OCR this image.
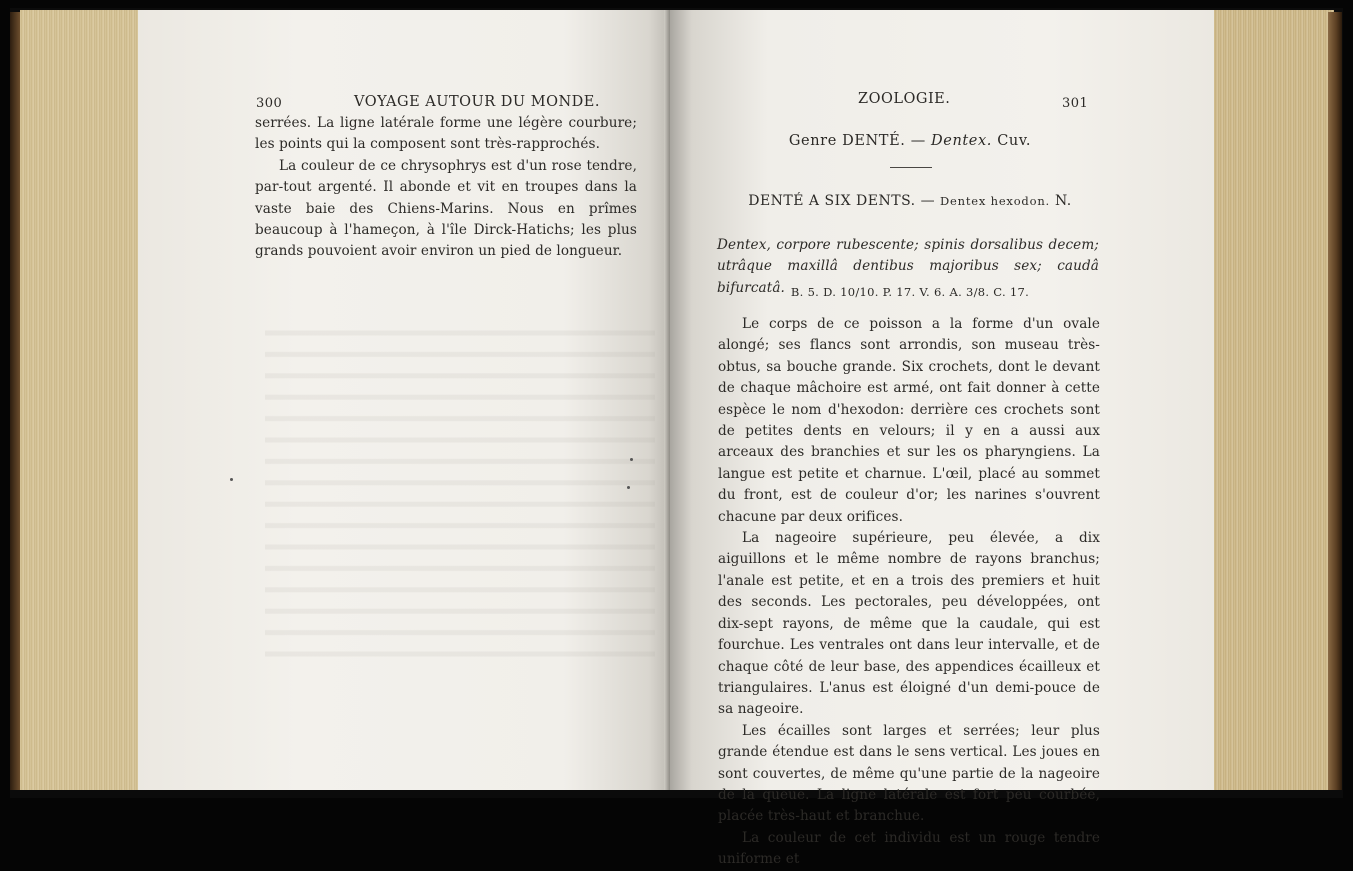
300	VOYAGE AUTOUR DU MONDE.

serrées. La ligne latérale forme une légère courbure; les points qui la composent sont très-rapprochés.

La couleur de ce chrysophrys est d'un rose tendre, par-tout argenté. Il abonde et vit en troupes dans la vaste baie des Chiens-Marins. Nous en prîmes beaucoup à l'hameçon, à l'île Dirck-Hatichs; les plus grands pouvoient avoir environ un pied de longueur.

ZOOLOGIE.	301
Genre DENTÉ. — Dentex. Cuv.
DENTÉ A SIX DENTS. — Dentex hexodon. N.
Dentex, corpore rubescente; spinis dorsalibus decem; utrâque maxillâ dentibus majoribus sex; caudâ bifurcatâ. B. 5. D. 10/10. P. 17. V. 6. A. 3/8. C. 17.

Le corps de ce poisson a la forme d'un ovale alongé; ses flancs sont arrondis, son museau très-obtus, sa bouche grande. Six crochets, dont le devant de chaque mâchoire est armé, ont fait donner à cette espèce le nom d'hexodon: derrière ces crochets sont de petites dents en velours; il y en a aussi aux arceaux des branchies et sur les os pharyngiens. La langue est petite et charnue. L'œil, placé au sommet du front, est de couleur d'or; les narines s'ouvrent chacune par deux orifices.

La nageoire supérieure, peu élevée, a dix aiguillons et le même nombre de rayons branchus; l'anale est petite, et en a trois des premiers et huit des seconds. Les pectorales, peu développées, ont dix-sept rayons, de même que la caudale, qui est fourchue. Les ventrales ont dans leur intervalle, et de chaque côté de leur base, des appendices écailleux et triangulaires. L'anus est éloigné d'un demi-pouce de sa nageoire.

Les écailles sont larges et serrées; leur plus grande étendue est dans le sens vertical. Les joues en sont couvertes, de même qu'une partie de la nageoire de la queue. La ligne latérale est fort peu courbée, placée très-haut et branchue.

La couleur de cet individu est un rouge tendre uniforme et
